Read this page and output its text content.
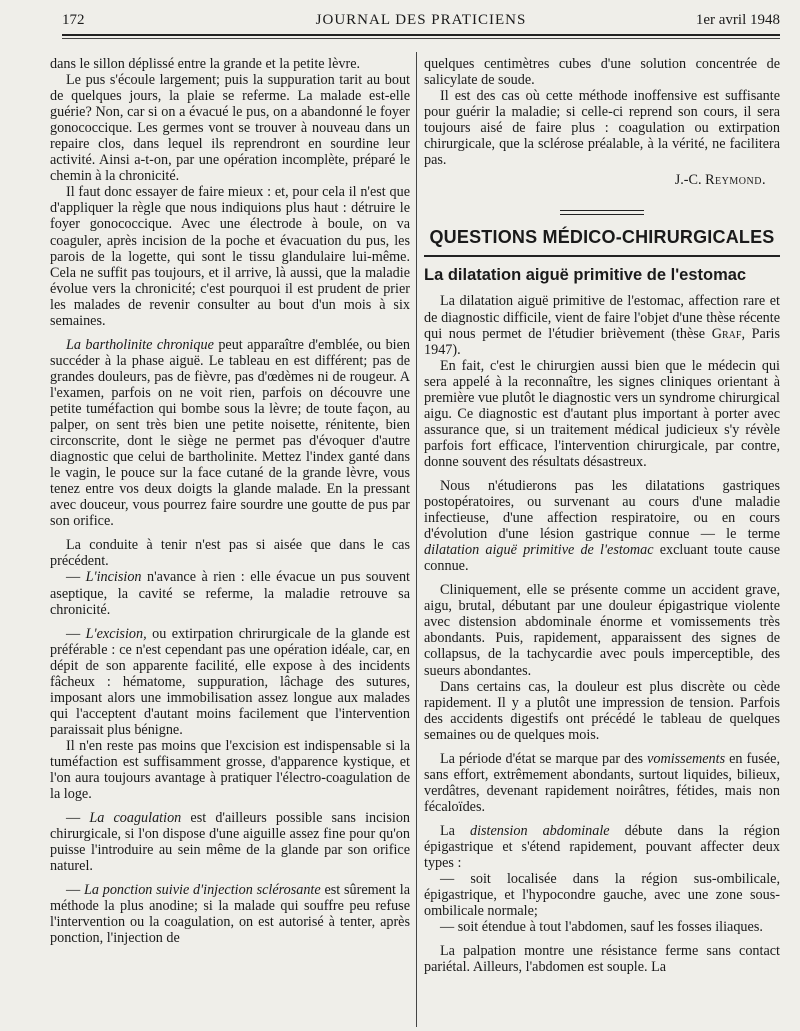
172	JOURNAL DES PRATICIENS	1er avril 1948

dans le sillon déplissé entre la grande et la petite lèvre.

Le pus s'écoule largement; puis la suppuration tarit au bout de quelques jours, la plaie se referme. La malade est-elle guérie? Non, car si on a évacué le pus, on a abandonné le foyer gonococcique. Les germes vont se trouver à nouveau dans un repaire clos, dans lequel ils reprendront en sourdine leur activité. Ainsi a-t-on, par une opération incomplète, préparé le chemin à la chronicité.

Il faut donc essayer de faire mieux : et, pour cela il n'est que d'appliquer la règle que nous indiquions plus haut : détruire le foyer gonococcique. Avec une électrode à boule, on va coaguler, après incision de la poche et évacuation du pus, les parois de la logette, qui sont le tissu glandulaire lui-même. Cela ne suffit pas toujours, et il arrive, là aussi, que la maladie évolue vers la chronicité; c'est pourquoi il est prudent de prier les malades de revenir consulter au bout d'un mois à six semaines.

La bartholinite chronique peut apparaître d'emblée, ou bien succéder à la phase aiguë. Le tableau en est différent; pas de grandes douleurs, pas de fièvre, pas d'œdèmes ni de rougeur. A l'examen, parfois on ne voit rien, parfois on découvre une petite tuméfaction qui bombe sous la lèvre; de toute façon, au palper, on sent très bien une petite noisette, rénitente, bien circonscrite, dont le siège ne permet pas d'évoquer d'autre diagnostic que celui de bartholinite. Mettez l'index ganté dans le vagin, le pouce sur la face cutané de la grande lèvre, vous tenez entre vos deux doigts la glande malade. En la pressant avec douceur, vous pourrez faire sourdre une goutte de pus par son orifice.

La conduite à tenir n'est pas si aisée que dans le cas précédent.

— L'incision n'avance à rien : elle évacue un pus souvent aseptique, la cavité se referme, la maladie retrouve sa chronicité.

— L'excision, ou extirpation chrirurgicale de la glande est préférable : ce n'est cependant pas une opération idéale, car, en dépit de son apparente facilité, elle expose à des incidents fâcheux : hématome, suppuration, lâchage des sutures, imposant alors une immobilisation assez longue aux malades qui l'acceptent d'autant moins facilement que l'intervention paraissait plus bénigne.

Il n'en reste pas moins que l'excision est indispensable si la tuméfaction est suffisamment grosse, d'apparence kystique, et l'on aura toujours avantage à pratiquer l'électro-coagulation de la loge.

— La coagulation est d'ailleurs possible sans incision chirurgicale, si l'on dispose d'une aiguille assez fine pour qu'on puisse l'introduire au sein même de la glande par son orifice naturel.

— La ponction suivie d'injection sclérosante est sûrement la méthode la plus anodine; si la malade qui souffre peu refuse l'intervention ou la coagulation, on est autorisé à tenter, après ponction, l'injection de

quelques centimètres cubes d'une solution concentrée de salicylate de soude.

Il est des cas où cette méthode inoffensive est suffisante pour guérir la maladie; si celle-ci reprend son cours, il sera toujours aisé de faire plus : coagulation ou extirpation chirurgicale, que la sclérose préalable, à la vérité, ne facilitera pas.

J.-C. Reymond.
QUESTIONS MÉDICO-CHIRURGICALES
La dilatation aiguë primitive de l'estomac

La dilatation aiguë primitive de l'estomac, affection rare et de diagnostic difficile, vient de faire l'objet d'une thèse récente qui nous permet de l'étudier brièvement (thèse Graf, Paris 1947).

En fait, c'est le chirurgien aussi bien que le médecin qui sera appelé à la reconnaître, les signes cliniques orientant à première vue plutôt le diagnostic vers un syndrome chirurgical aigu. Ce diagnostic est d'autant plus important à porter avec assurance que, si un traitement médical judicieux s'y révèle parfois fort efficace, l'intervention chirurgicale, par contre, donne souvent des résultats désastreux.

Nous n'étudierons pas les dilatations gastriques postopératoires, ou survenant au cours d'une maladie infectieuse, d'une affection respiratoire, ou en cours d'évolution d'une lésion gastrique connue — le terme dilatation aiguë primitive de l'estomac excluant toute cause connue.

Cliniquement, elle se présente comme un accident grave, aigu, brutal, débutant par une douleur épigastrique violente avec distension abdominale énorme et vomissements très abondants. Puis, rapidement, apparaissent des signes de collapsus, de la tachycardie avec pouls imperceptible, des sueurs abondantes.

Dans certains cas, la douleur est plus discrète ou cède rapidement. Il y a plutôt une impression de tension. Parfois des accidents digestifs ont précédé le tableau de quelques semaines ou de quelques mois.

La période d'état se marque par des vomissements en fusée, sans effort, extrêmement abondants, surtout liquides, bilieux, verdâtres, devenant rapidement noirâtres, fétides, mais non fécaloïdes.

La distension abdominale débute dans la région épigastrique et s'étend rapidement, pouvant affecter deux types :

— soit localisée dans la région sus-ombilicale, épigastrique, et l'hypocondre gauche, avec une zone sous-ombilicale normale;

— soit étendue à tout l'abdomen, sauf les fosses iliaques.

La palpation montre une résistance ferme sans contact pariétal. Ailleurs, l'abdomen est souple. La
